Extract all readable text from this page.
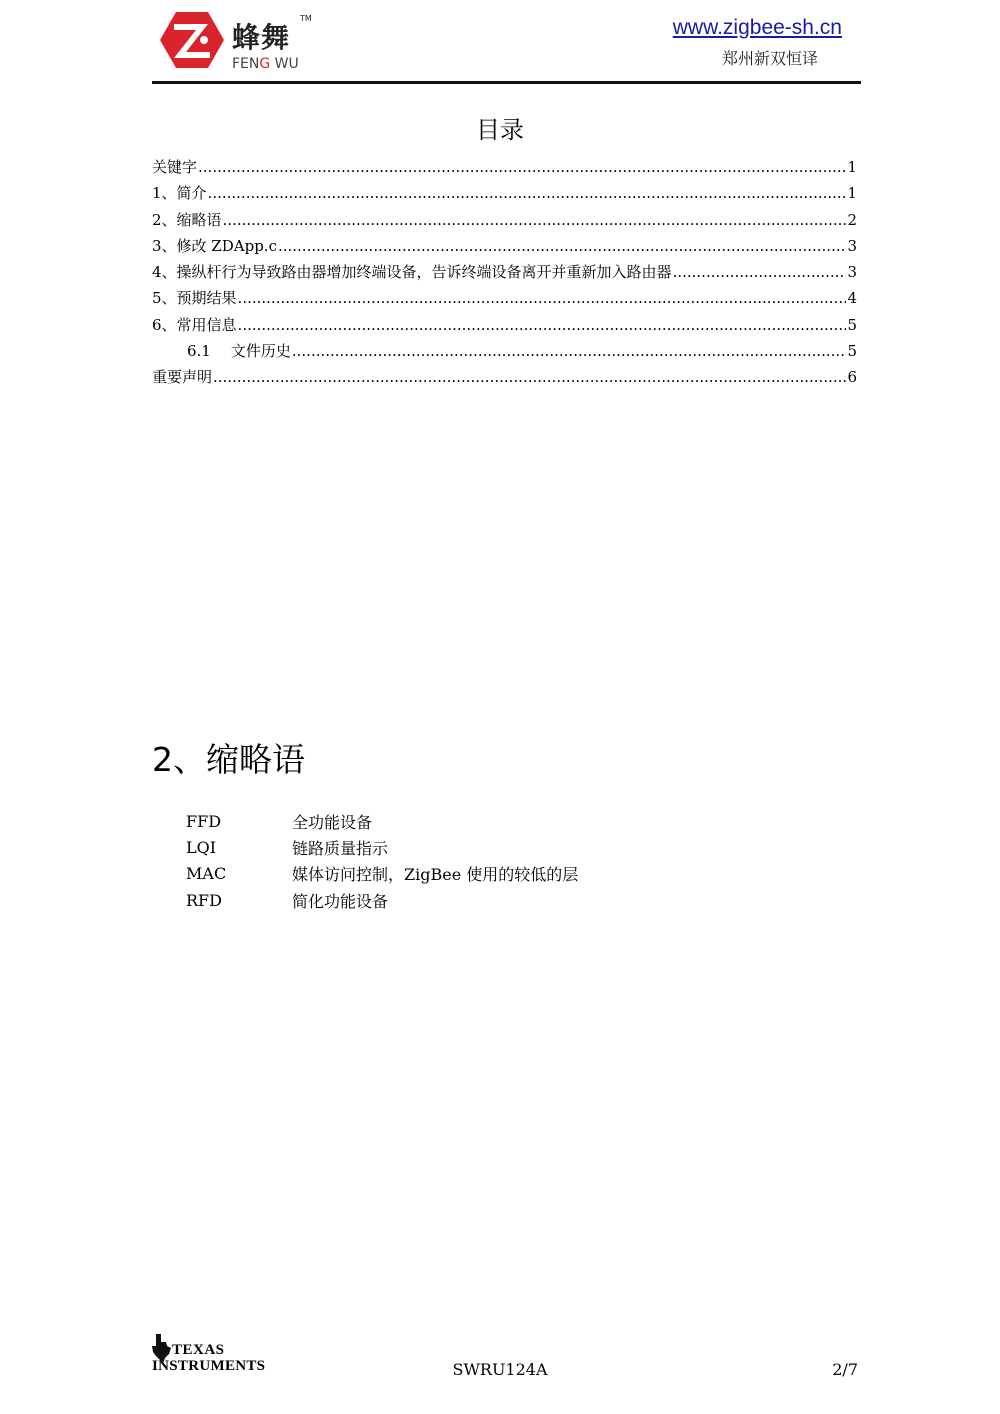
蜂舞
TM
FENG WU
www.zigbee-sh.cn
郑州新双恒译
目录
关键字 .....	1
1、简介 .....	1
2、缩略语 .....	2
3、修改 ZDApp.c .....	3
4、操纵杆行为导致路由器增加终端设备，告诉终端设备离开并重新加入路由器 .....	3
5、预期结果 .....	4
6、常用信息 .....	5
6.1 文件历史 .....	5
重要声明 .....	6
2、缩略语
FFD	全功能设备
LQI	链路质量指示
MAC	媒体访问控制，ZigBee 使用的较低的层
RFD	简化功能设备
TEXAS
INSTRUMENTS	SWRU124A	2/7
